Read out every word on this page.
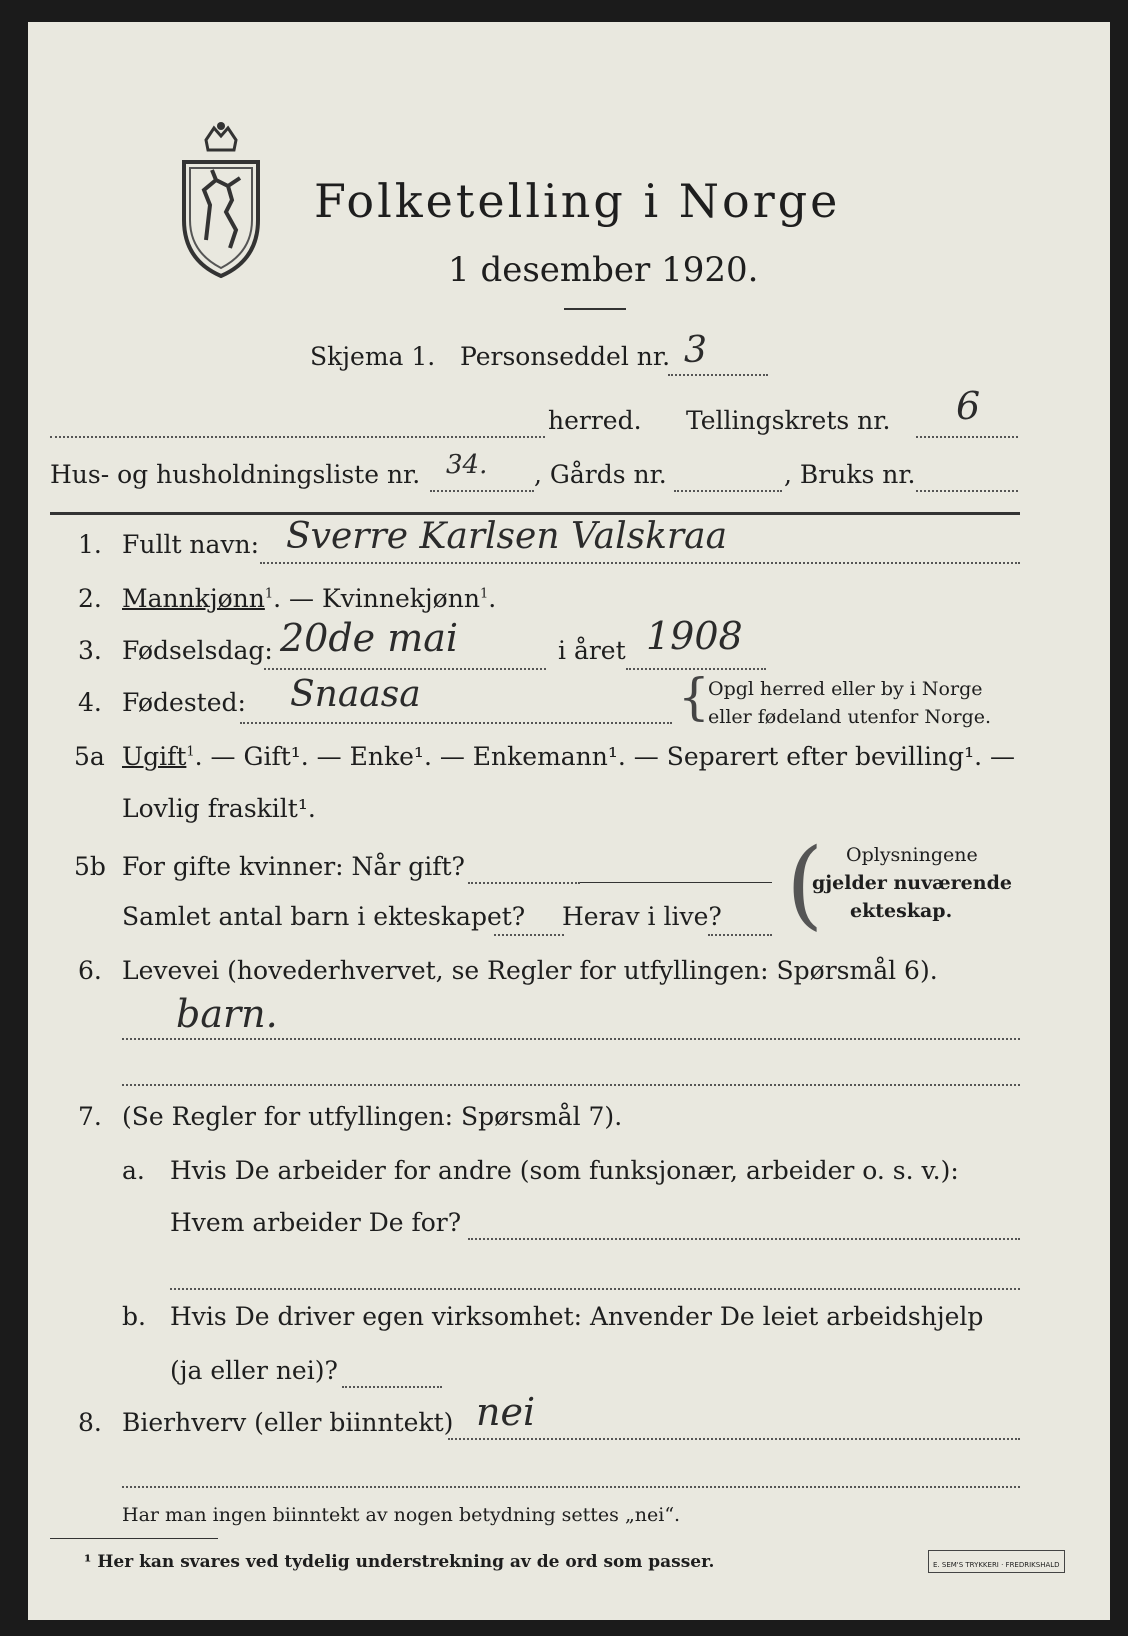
Folketelling i Norge
1 desember 1920.
Skjema 1. Personseddel nr. 3
herred. Tellingskrets nr. 6
Hus- og husholdningsliste nr. 34. , Gårds nr.	, Bruks nr.
1. Fullt navn: Sverre Karlsen Valskraa
2. Mannkjønn$^1$. — Kvinnekjønn$^1$.
3. Fødselsdag: 20de mai	i året 1908
4. Fødested: Snaasa	{
Opgl herred eller by i Norge
eller fødeland utenfor Norge.
5a Ugift$^1$. — Gift¹. — Enke¹. — Enkemann¹. — Separert efter bevilling¹. —
Lovlig fraskilt¹.
5b For gifte kvinner: Når gift?
Samlet antal barn i ekteskapet? Herav i live? ( Oplysningene
gjelder nuværende
ekteskap.
6. Levevei (hovederhvervet, se Regler for utfyllingen: Spørsmål 6).
barn.
7. (Se Regler for utfyllingen: Spørsmål 7).
a. Hvis De arbeider for andre (som funksjonær, arbeider o. s. v.):
Hvem arbeider De for?
b. Hvis De driver egen virksomhet: Anvender De leiet arbeidshjelp
(ja eller nei)?
8. Bierhverv (eller biinntekt) nei
Har man ingen biinntekt av nogen betydning settes „nei“.
¹ Her kan svares ved tydelig understrekning av de ord som passer.	E. SEM'S TRYKKERI · FREDRIKSHALD
